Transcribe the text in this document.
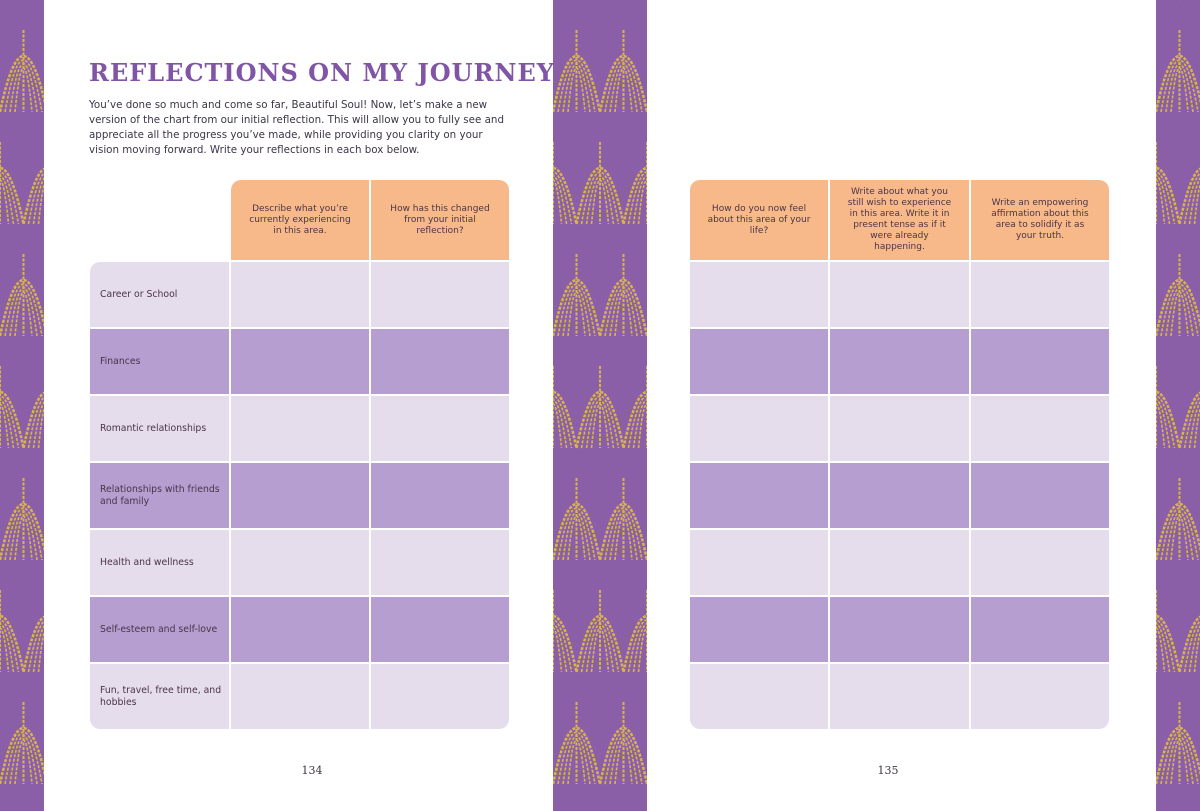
REFLECTIONS ON MY JOURNEY

You’ve done so much and come so far, Beautiful Soul! Now, let’s make a new version of the chart from our initial reflection. This will allow you to fully see and appreciate all the progress you’ve made, while providing you clarity on your vision moving forward. Write your reflections in each box below.

Describe what you’re currently experiencing in this area.
How has this changed from your initial reflection?
Career or School
Finances
Romantic relationships
Relationships with friends and family
Health and wellness
Self-esteem and self-love
Fun, travel, free time, and hobbies
134
How do you now feel about this area of your life?
Write about what you still wish to experience in this area. Write it in present tense as if it were already happening.
Write an empowering affirmation about this area to solidify it as your truth.
135
